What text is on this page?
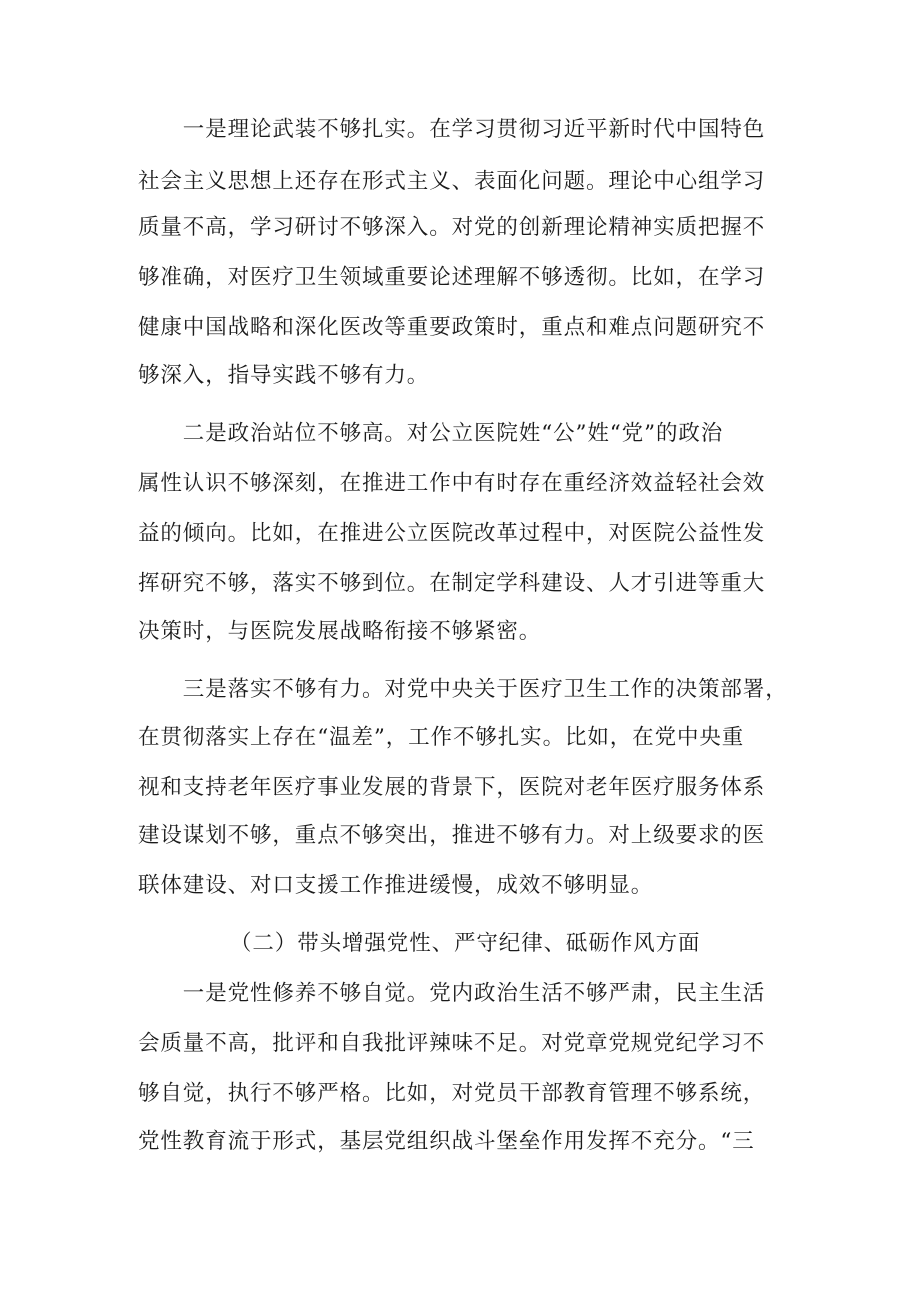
　　一是理论武装不够扎实。在学习贯彻习近平新时代中国特色
社会主义思想上还存在形式主义、表面化问题。理论中心组学习
质量不高，学习研讨不够深入。对党的创新理论精神实质把握不
够准确，对医疗卫生领域重要论述理解不够透彻。比如，在学习
健康中国战略和深化医改等重要政策时，重点和难点问题研究不
够深入，指导实践不够有力。
　　二是政治站位不够高。对公立医院姓“公”姓“党”的政治
属性认识不够深刻，在推进工作中有时存在重经济效益轻社会效
益的倾向。比如，在推进公立医院改革过程中，对医院公益性发
挥研究不够，落实不够到位。在制定学科建设、人才引进等重大
决策时，与医院发展战略衔接不够紧密。
　　三是落实不够有力。对党中央关于医疗卫生工作的决策部署，
在贯彻落实上存在“温差”，工作不够扎实。比如，在党中央重
视和支持老年医疗事业发展的背景下，医院对老年医疗服务体系
建设谋划不够，重点不够突出，推进不够有力。对上级要求的医
联体建设、对口支援工作推进缓慢，成效不够明显。
（二）带头增强党性、严守纪律、砥砺作风方面
　　一是党性修养不够自觉。党内政治生活不够严肃，民主生活
会质量不高，批评和自我批评辣味不足。对党章党规党纪学习不
够自觉，执行不够严格。比如，对党员干部教育管理不够系统，
党性教育流于形式，基层党组织战斗堡垒作用发挥不充分。“三
